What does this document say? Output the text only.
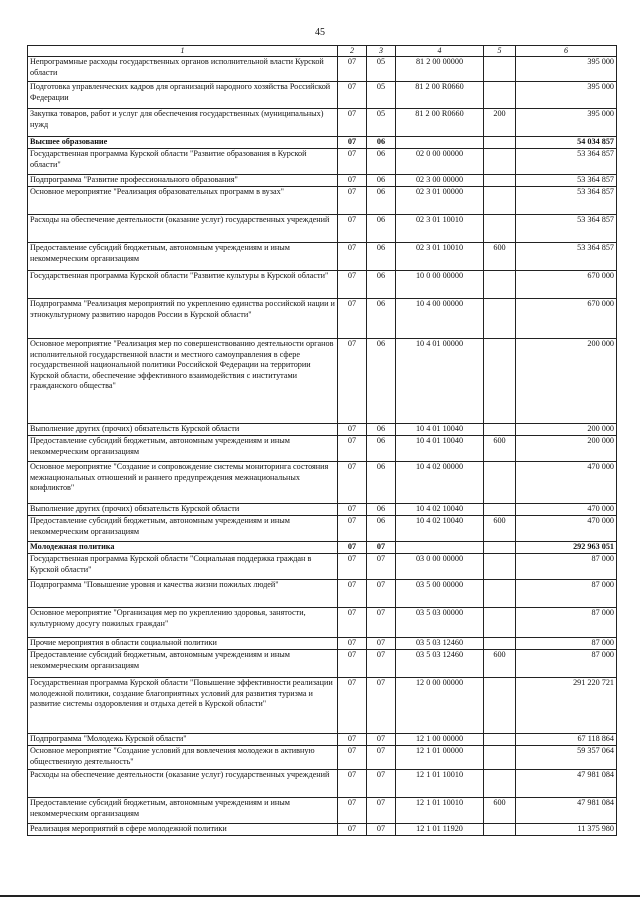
45
1	2	3	4	5	6
Непрограммные расходы государственных органов исполнительной власти Курской области	07	05	81 2 00 00000		395 000
Подготовка управленческих кадров для организаций народного хозяйства Российской Федерации	07	05	81 2 00 R0660		395 000
Закупка товаров, работ и услуг для обеспечения государственных (муниципальных) нужд	07	05	81 2 00 R0660	200	395 000
Высшее образование	07	06			54 034 857
Государственная программа Курской области "Развитие образования в Курской области"	07	06	02 0 00 00000		53 364 857
Подпрограмма "Развитие профессионального образования"	07	06	02 3 00 00000		53 364 857
Основное мероприятие "Реализация образовательных программ в вузах"	07	06	02 3 01 00000		53 364 857
Расходы на обеспечение деятельности (оказание услуг) государственных учреждений	07	06	02 3 01 10010		53 364 857
Предоставление субсидий бюджетным, автономным учреждениям и иным некоммерческим организациям	07	06	02 3 01 10010	600	53 364 857
Государственная программа Курской области "Развитие культуры в Курской области"	07	06	10 0 00 00000		670 000
Подпрограмма "Реализация мероприятий по укреплению единства российской нации и этнокультурному развитию народов России в Курской области"	07	06	10 4 00 00000		670 000
Основное мероприятие "Реализация мер по совершенствованию деятельности органов исполнительной государственной власти и местного самоуправления в сфере государственной национальной политики Российской Федерации на территории Курской области, обеспечение эффективного взаимодействия с институтами гражданского общества"	07	06	10 4 01 00000		200 000
Выполнение других (прочих) обязательств Курской области	07	06	10 4 01 10040		200 000
Предоставление субсидий бюджетным, автономным учреждениям и иным некоммерческим организациям	07	06	10 4 01 10040	600	200 000
Основное мероприятие "Создание и сопровождение системы мониторинга состояния межнациональных отношений и раннего предупреждения межнациональных конфликтов"	07	06	10 4 02 00000		470 000
Выполнение других (прочих) обязательств Курской области	07	06	10 4 02 10040		470 000
Предоставление субсидий бюджетным, автономным учреждениям и иным некоммерческим организациям	07	06	10 4 02 10040	600	470 000
Молодежная политика	07	07			292 963 051
Государственная программа Курской области "Социальная поддержка граждан в Курской области"	07	07	03 0 00 00000		87 000
Подпрограмма "Повышение уровня и качества жизни пожилых людей"	07	07	03 5 00 00000		87 000
Основное мероприятие "Организация мер по укреплению здоровья, занятости, культурному досугу пожилых граждан"	07	07	03 5 03 00000		87 000
Прочие мероприятия в области социальной политики	07	07	03 5 03 12460		87 000
Предоставление субсидий бюджетным, автономным учреждениям и иным некоммерческим организациям	07	07	03 5 03 12460	600	87 000
Государственная программа Курской области "Повышение эффективности реализации молодежной политики, создание благоприятных условий для развития туризма и развитие системы оздоровления и отдыха детей в Курской области"	07	07	12 0 00 00000		291 220 721
Подпрограмма "Молодежь Курской области"	07	07	12 1 00 00000		67 118 864
Основное мероприятие "Создание условий для вовлечения молодежи в активную общественную деятельность"	07	07	12 1 01 00000		59 357 064
Расходы на обеспечение деятельности (оказание услуг) государственных учреждений	07	07	12 1 01 10010		47 981 084
Предоставление субсидий бюджетным, автономным учреждениям и иным некоммерческим организациям	07	07	12 1 01 10010	600	47 981 084
Реализация мероприятий в сфере молодежной политики	07	07	12 1 01 11920		11 375 980
